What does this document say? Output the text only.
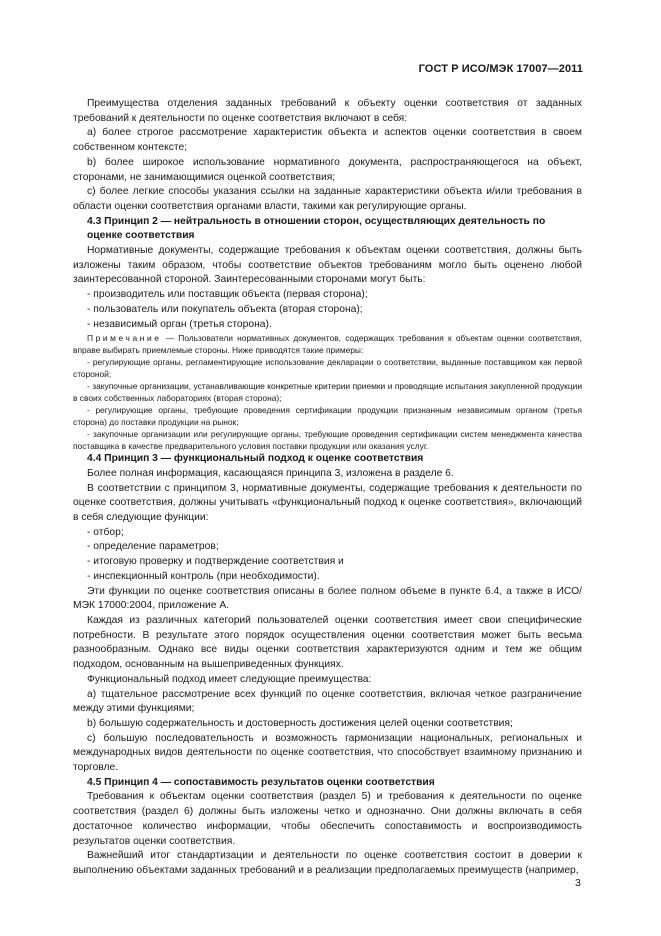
ГОСТ Р ИСО/МЭК 17007—2011

Преимущества отделения заданных требований к объекту оценки соответствия от заданных требований к деятельности по оценке соответствия включают в себя:

a) более строгое рассмотрение характеристик объекта и аспектов оценки соответствия в своем собственном контексте;

b) более широкое использование нормативного документа, распространяющегося на объект, сторонами, не занимающимися оценкой соответствия;

c) более легкие способы указания ссылки на заданные характеристики объекта и/или требования в области оценки соответствия органами власти, такими как регулирующие органы.

4.3 Принцип 2 — нейтральность в отношении сторон, осуществляющих деятельность по
оценке соответствия

Нормативные документы, содержащие требования к объектам оценки соответствия, должны быть изложены таким образом, чтобы соответствие объектов требованиям могло быть оценено любой заинтересованной стороной. Заинтересованными сторонами могут быть:

- производитель или поставщик объекта (первая сторона);

- пользователь или покупатель объекта (вторая сторона);

- независимый орган (третья сторона).

Примечание — Пользователи нормативных документов, содержащих требования к объектам оценки соответствия, вправе выбирать приемлемые стороны. Ниже приводятся такие примеры:

- регулирующие органы, регламентирующие использование декларации о соответствии, выданные поставщиком как первой стороной;

- закупочные организации, устанавливающие конкретные критерии приемки и проводящие испытания закупленной продукции в своих собственных лабораториях (вторая сторона);

- регулирующие органы, требующие проведения сертификации продукции признанным независимым органом (третья сторона) до поставки продукции на рынок;

- закупочные организации или регулирующие органы, требующие проведения сертификации систем менеджмента качества поставщика в качестве предварительного условия поставки продукции или оказания услуг.

4.4 Принцип 3 — функциональный подход к оценке соответствия

Более полная информация, касающаяся принципа 3, изложена в разделе 6.

В соответствии с принципом 3, нормативные документы, содержащие требования к деятельности по оценке соответствия, должны учитывать «функциональный подход к оценке соответствия», включающий в себя следующие функции:

- отбор;

- определение параметров;

- итоговую проверку и подтверждение соответствия и

- инспекционный контроль (при необходимости).

Эти функции по оценке соответствия описаны в более полном объеме в пункте 6.4, а также в ИСО/МЭК 17000:2004, приложение А.

Каждая из различных категорий пользователей оценки соответствия имеет свои специфические потребности. В результате этого порядок осуществления оценки соответствия может быть весьма разнообразным. Однако все виды оценки соответствия характеризуются одним и тем же общим подходом, основанным на вышеприведенных функциях.

Функциональный подход имеет следующие преимущества:

a) тщательное рассмотрение всех функций по оценке соответствия, включая четкое разграничение между этими функциями;

b) большую содержательность и достоверность достижения целей оценки соответствия;

c) большую последовательность и возможность гармонизации национальных, региональных и международных видов деятельности по оценке соответствия, что способствует взаимному признанию и торговле.

4.5 Принцип 4 — сопоставимость результатов оценки соответствия

Требования к объектам оценки соответствия (раздел 5) и требования к деятельности по оценке соответствия (раздел 6) должны быть изложены четко и однозначно. Они должны включать в себя достаточное количество информации, чтобы обеспечить сопоставимость и воспроизводимость результатов оценки соответствия.

Важнейший итог стандартизации и деятельности по оценке соответствия состоит в доверии к выполнению объектами заданных требований и в реализации предполагаемых преимуществ (например,

3
